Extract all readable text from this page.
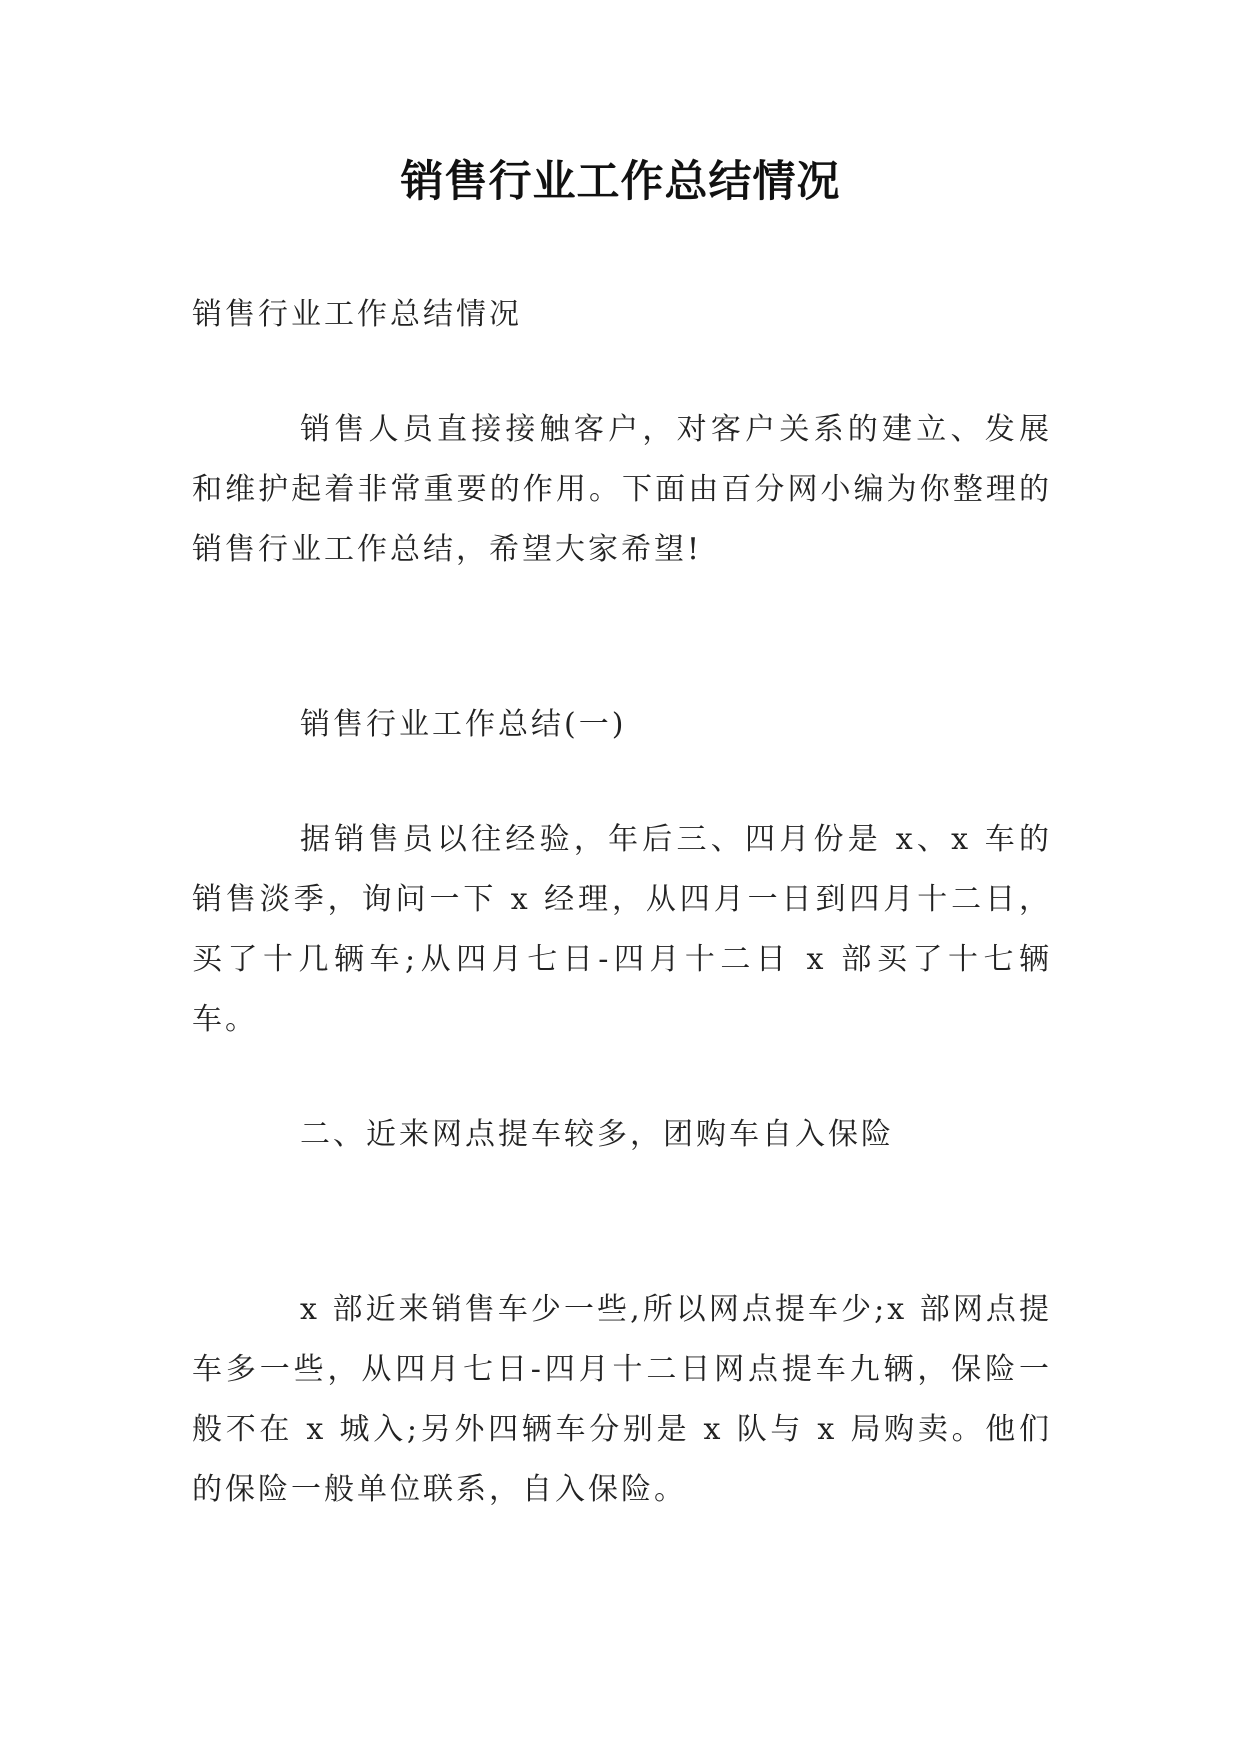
销售行业工作总结情况

销售行业工作总结情况

销售人员直接接触客户，对客户关系的建立、发展和维护起着非常重要的作用。下面由百分网小编为你整理的销售行业工作总结，希望大家希望!

销售行业工作总结(一)

据销售员以往经验，年后三、四月份是 x、x 车的销售淡季，询问一下 x 经理，从四月一日到四月十二日，买了十几辆车;从四月七日-四月十二日 x 部买了十七辆车。

二、近来网点提车较多，团购车自入保险

x 部近来销售车少一些,所以网点提车少;x 部网点提车多一些，从四月七日-四月十二日网点提车九辆，保险一般不在 x 城入;另外四辆车分别是 x 队与 x 局购卖。他们的保险一般单位联系，自入保险。
